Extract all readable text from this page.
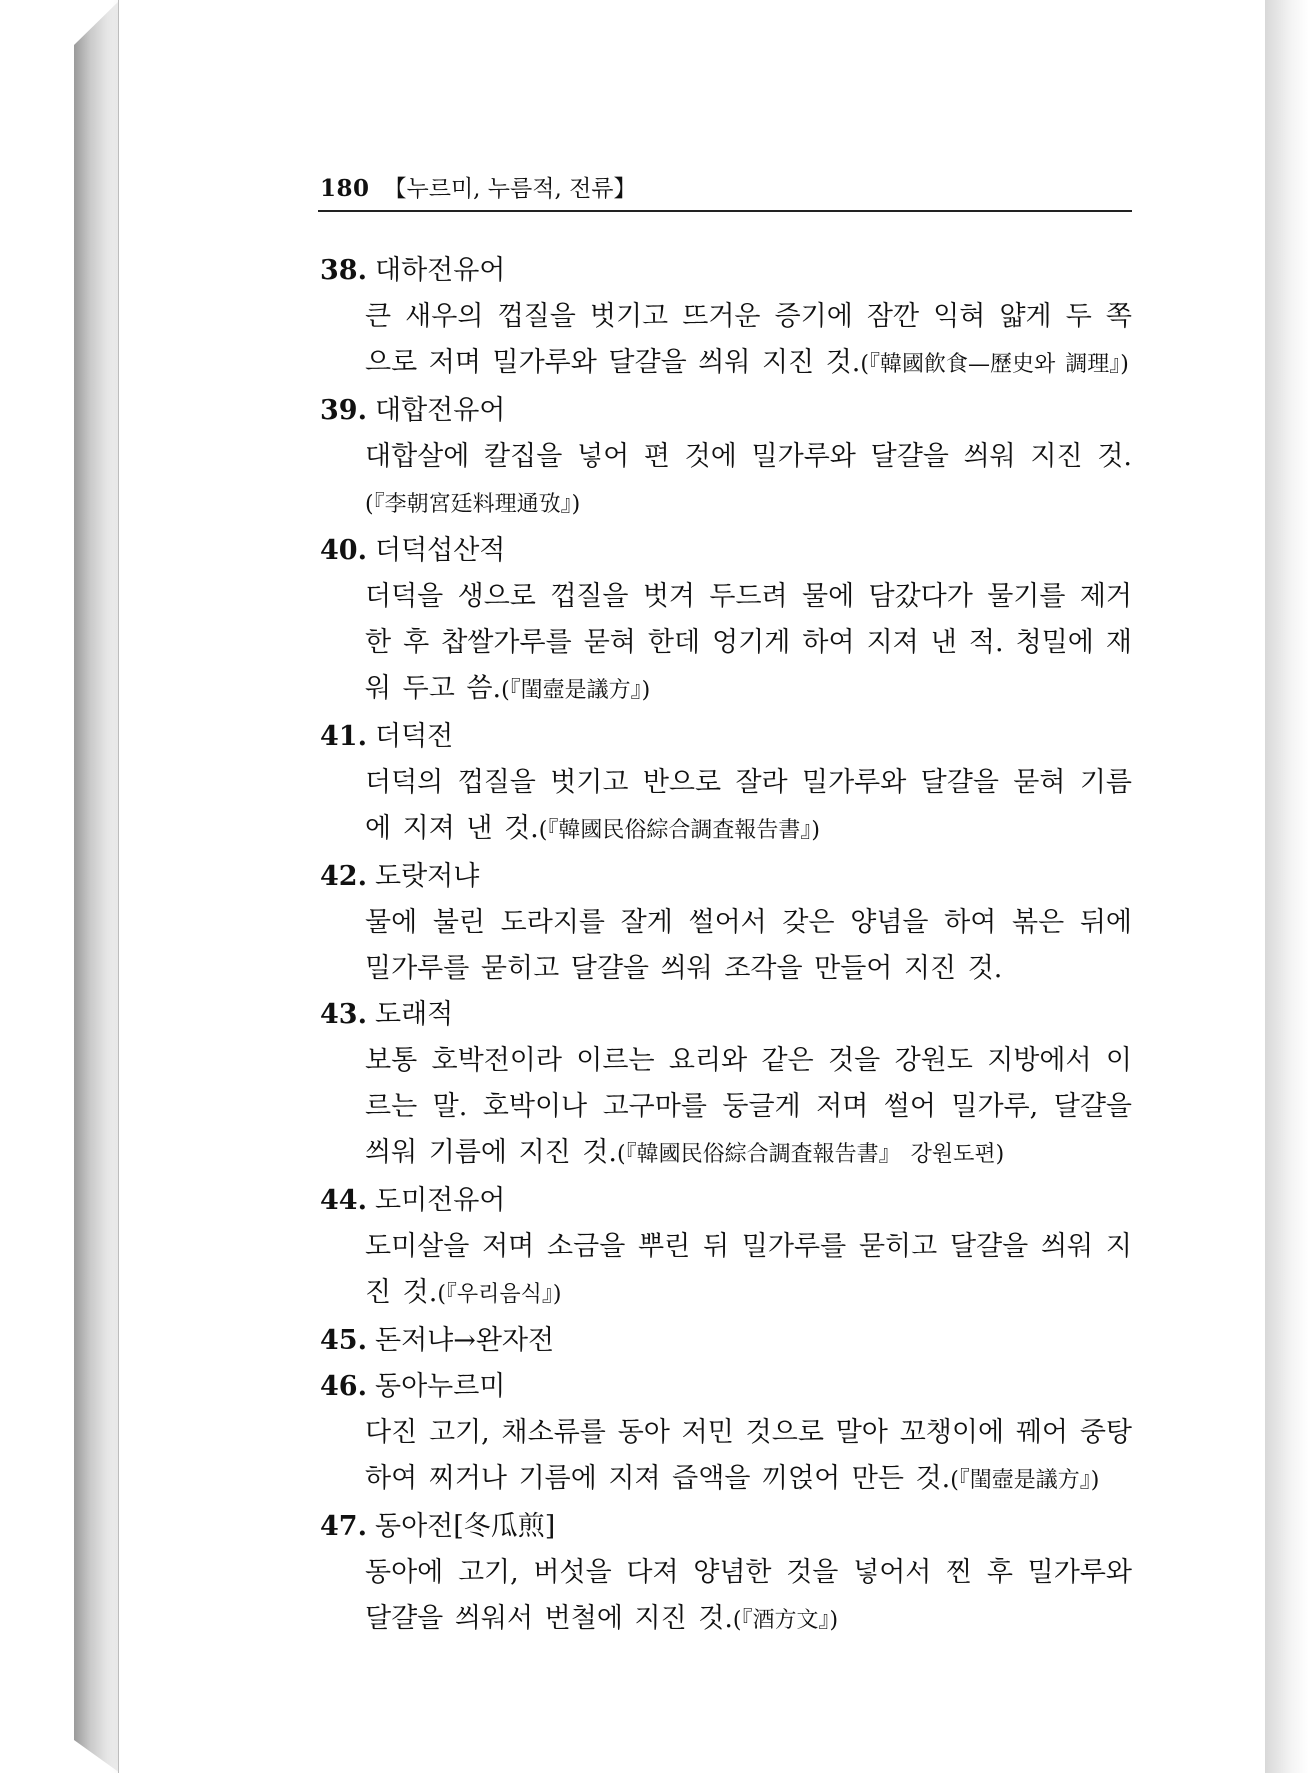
180 【누르미, 누름적, 전류】
38. 대하전유어
큰 새우의 껍질을 벗기고 뜨거운 증기에 잠깐 익혀 얇게 두 쪽으로 저며 밀가루와 달걀을 씌워 지진 것.(『韓國飮食—歷史와 調理』)
39. 대합전유어
대합살에 칼집을 넣어 편 것에 밀가루와 달걀을 씌워 지진 것. (『李朝宮廷料理通攷』)
40. 더덕섭산적
더덕을 생으로 껍질을 벗겨 두드려 물에 담갔다가 물기를 제거한 후 찹쌀가루를 묻혀 한데 엉기게 하여 지져 낸 적. 청밀에 재워 두고 씀.(『閨壼是議方』)
41. 더덕전
더덕의 껍질을 벗기고 반으로 잘라 밀가루와 달걀을 묻혀 기름에 지져 낸 것.(『韓國民俗綜合調査報告書』)
42. 도랏저냐
물에 불린 도라지를 잘게 썰어서 갖은 양념을 하여 볶은 뒤에 밀가루를 묻히고 달걀을 씌워 조각을 만들어 지진 것.
43. 도래적
보통 호박전이라 이르는 요리와 같은 것을 강원도 지방에서 이르는 말. 호박이나 고구마를 둥글게 저며 썰어 밀가루, 달걀을 씌워 기름에 지진 것.(『韓國民俗綜合調査報告書』 강원도편)
44. 도미전유어
도미살을 저며 소금을 뿌린 뒤 밀가루를 묻히고 달걀을 씌워 지진 것.(『우리음식』)
45. 돈저냐→완자전
46. 동아누르미
다진 고기, 채소류를 동아 저민 것으로 말아 꼬챙이에 꿰어 중탕하여 찌거나 기름에 지져 즙액을 끼얹어 만든 것.(『閨壼是議方』)
47. 동아전[冬瓜煎]
동아에 고기, 버섯을 다져 양념한 것을 넣어서 찐 후 밀가루와 달걀을 씌워서 번철에 지진 것.(『酒方文』)
